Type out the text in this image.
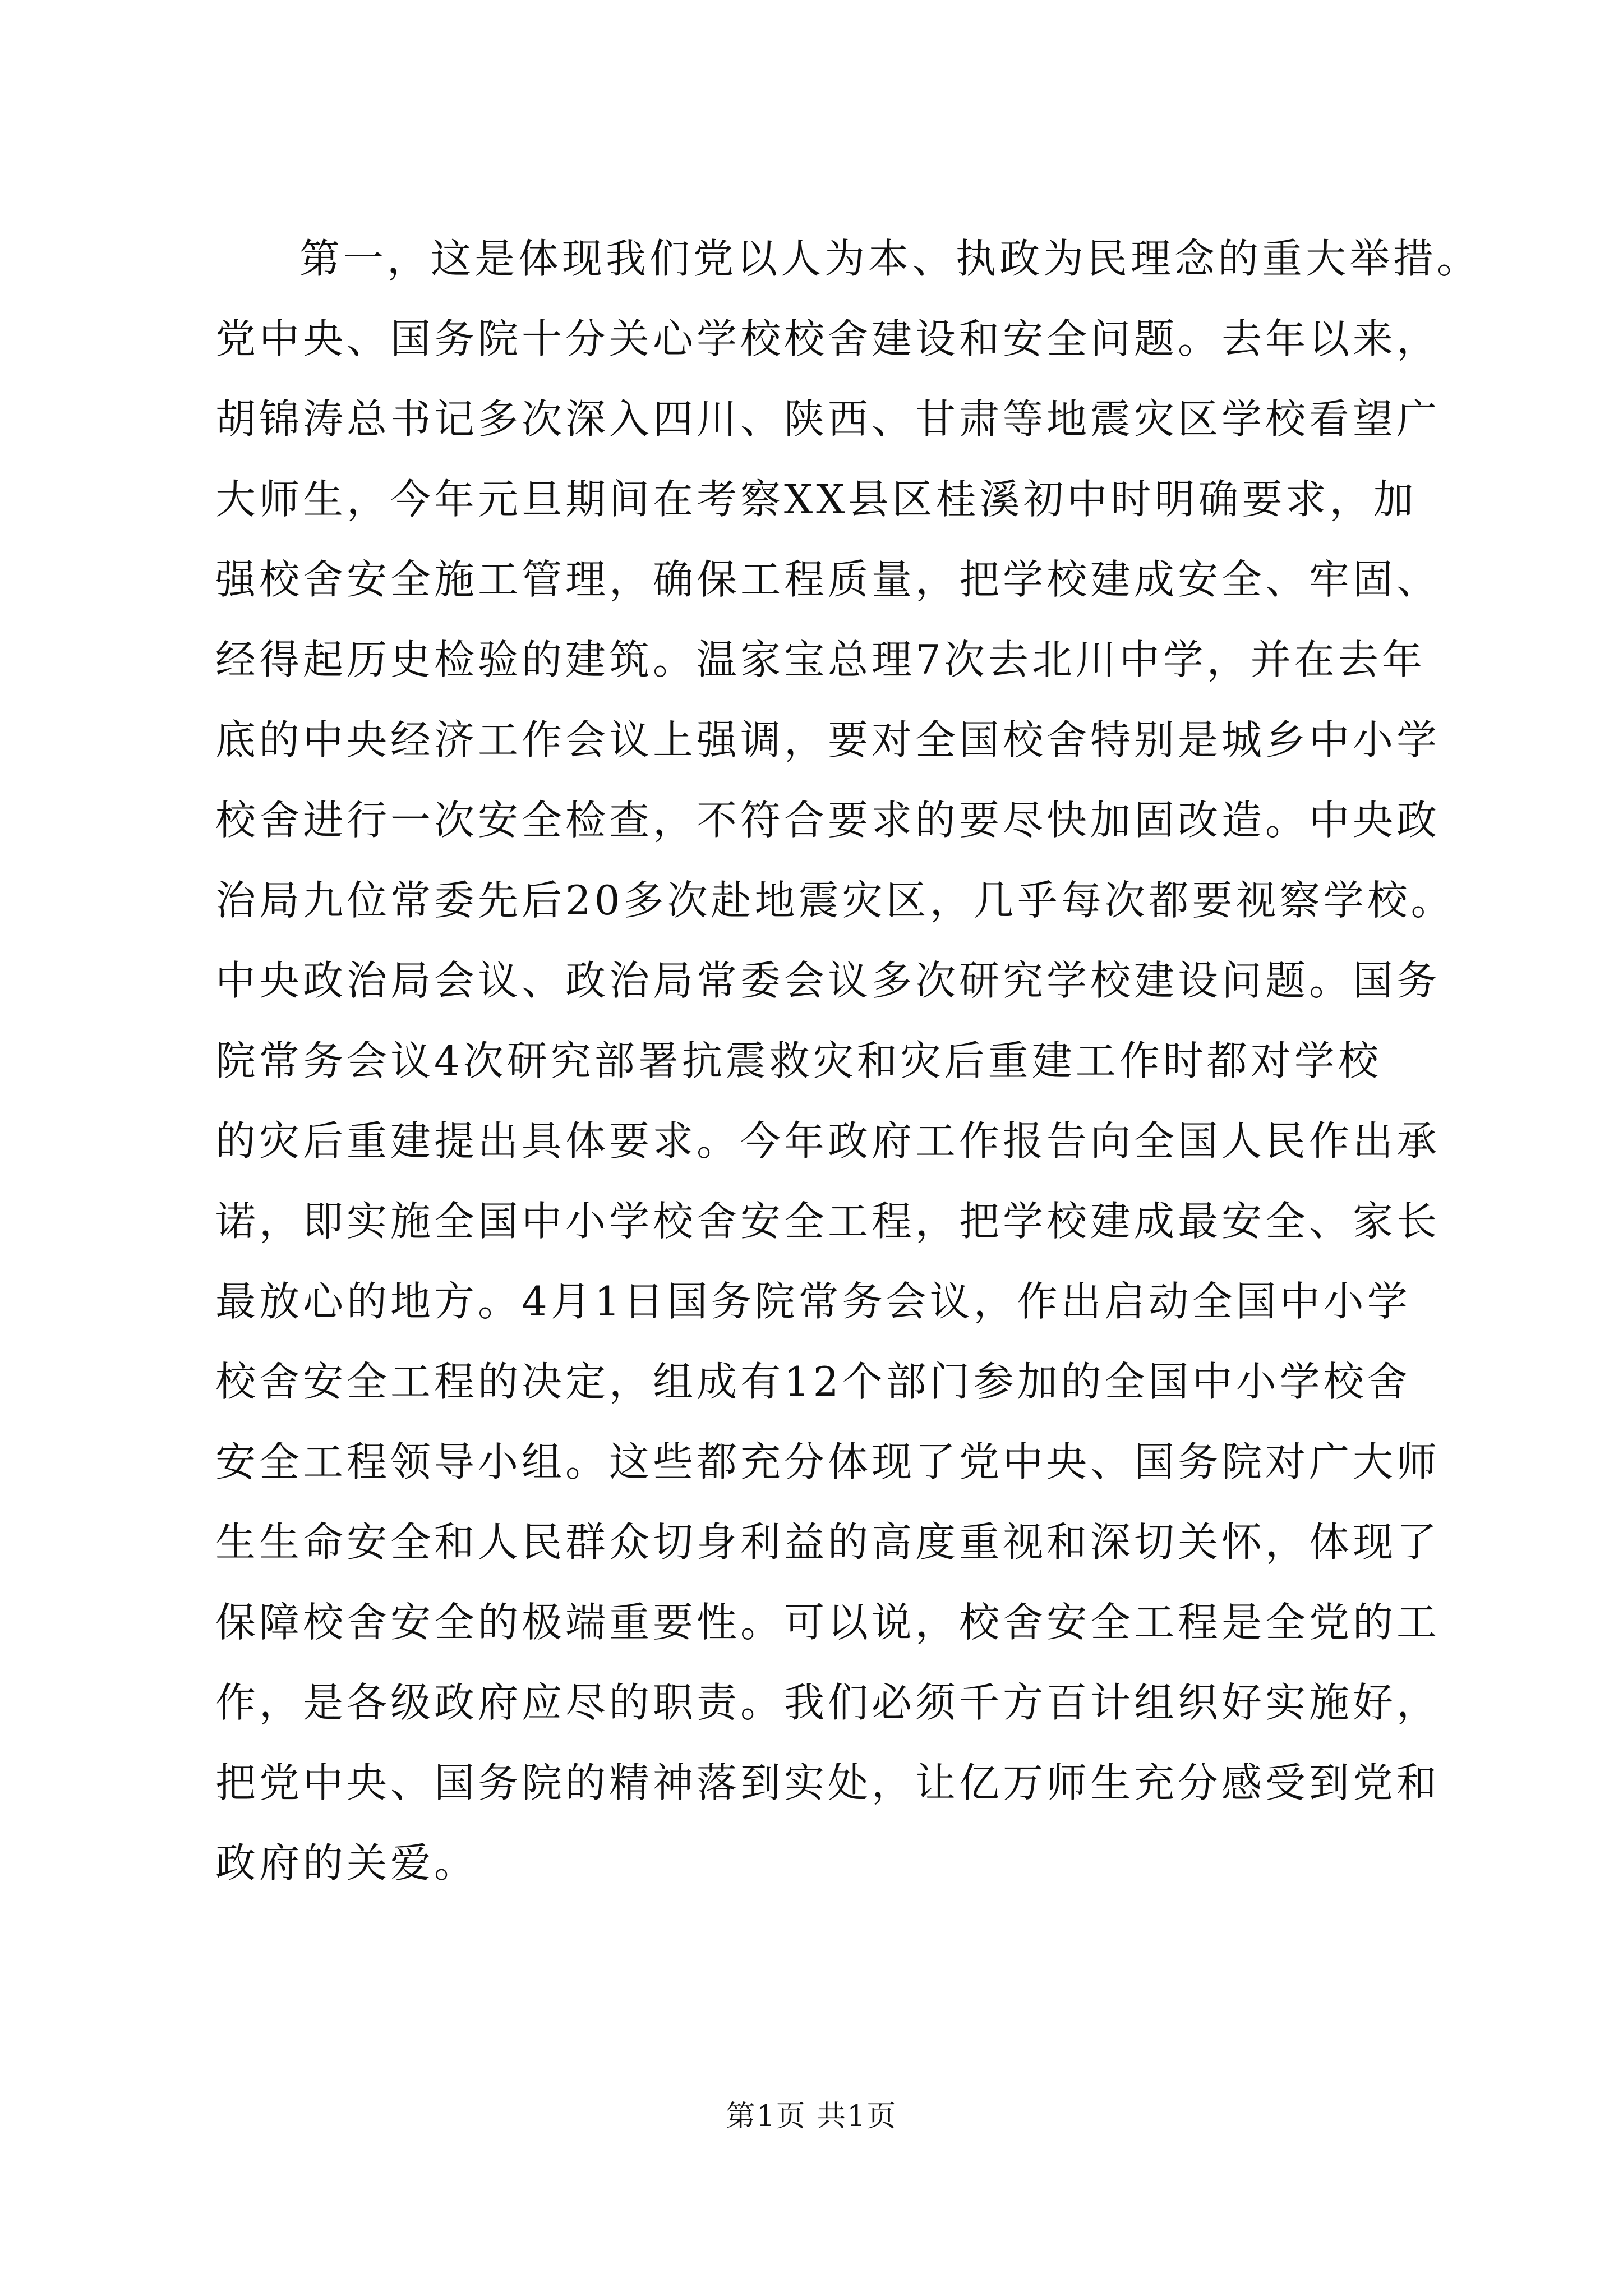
第一，这是体现我们党以人为本、执政为民理念的重大举措。
党中央、国务院十分关心学校校舍建设和安全问题。去年以来，
胡锦涛总书记多次深入四川、陕西、甘肃等地震灾区学校看望广
大师生，今年元旦期间在考察XX县区桂溪初中时明确要求，加
强校舍安全施工管理，确保工程质量，把学校建成安全、牢固、
经得起历史检验的建筑。温家宝总理7次去北川中学，并在去年
底的中央经济工作会议上强调，要对全国校舍特别是城乡中小学
校舍进行一次安全检查，不符合要求的要尽快加固改造。中央政
治局九位常委先后20多次赴地震灾区，几乎每次都要视察学校。
中央政治局会议、政治局常委会议多次研究学校建设问题。国务
院常务会议4次研究部署抗震救灾和灾后重建工作时都对学校
的灾后重建提出具体要求。今年政府工作报告向全国人民作出承
诺，即实施全国中小学校舍安全工程，把学校建成最安全、家长
最放心的地方。4月1日国务院常务会议，作出启动全国中小学
校舍安全工程的决定，组成有12个部门参加的全国中小学校舍
安全工程领导小组。这些都充分体现了党中央、国务院对广大师
生生命安全和人民群众切身利益的高度重视和深切关怀，体现了
保障校舍安全的极端重要性。可以说，校舍安全工程是全党的工
作，是各级政府应尽的职责。我们必须千方百计组织好实施好，
把党中央、国务院的精神落到实处，让亿万师生充分感受到党和
政府的关爱。
第1页 共1页
